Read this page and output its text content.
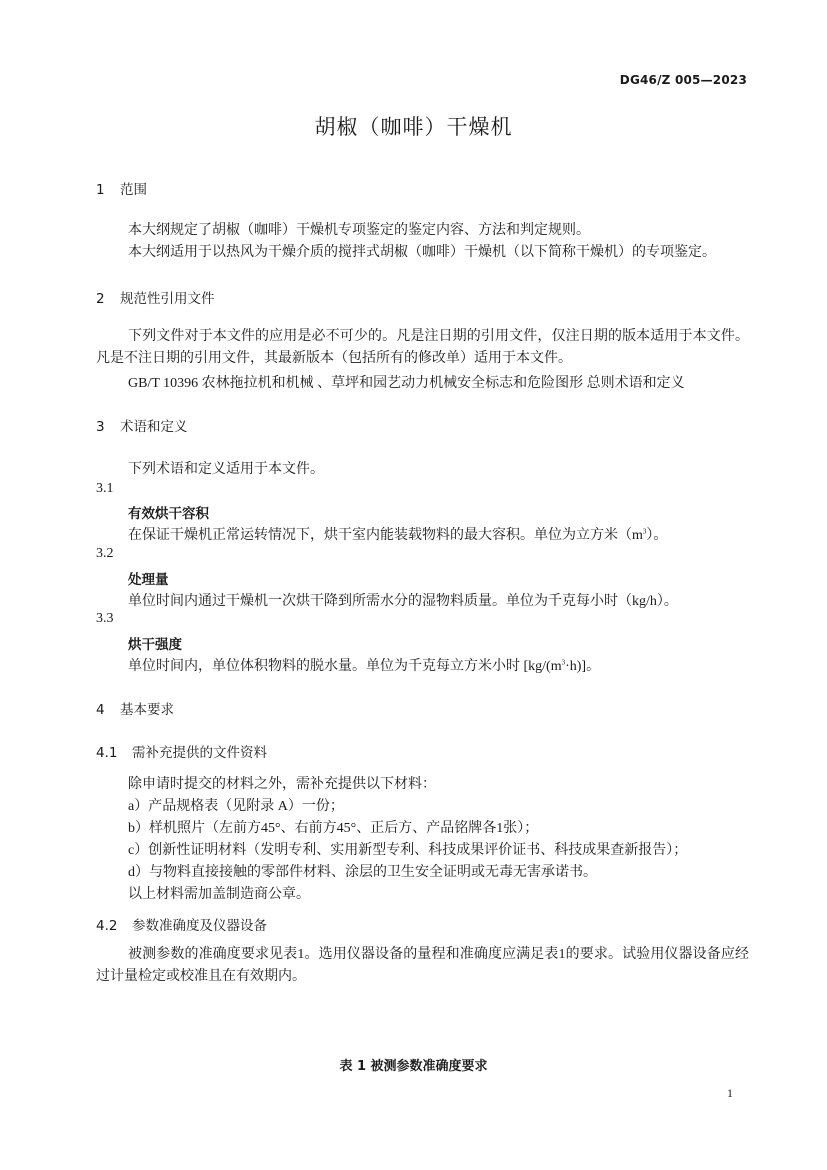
DG46/Z 005—2023
胡椒（咖啡）干燥机
1 范围
本大纲规定了胡椒（咖啡）干燥机专项鉴定的鉴定内容、方法和判定规则。
本大纲适用于以热风为干燥介质的搅拌式胡椒（咖啡）干燥机（以下简称干燥机）的专项鉴定。
2 规范性引用文件
下列文件对于本文件的应用是必不可少的。凡是注日期的引用文件，仅注日期的版本适用于本文件。凡是不注日期的引用文件，其最新版本（包括所有的修改单）适用于本文件。
GB/T 10396 农林拖拉机和机械 、草坪和园艺动力机械安全标志和危险图形 总则术语和定义
3 术语和定义
下列术语和定义适用于本文件。
3.1
有效烘干容积
在保证干燥机正常运转情况下，烘干室内能装载物料的最大容积。单位为立方米$(m^3)$。
3.2
处理量
单位时间内通过干燥机一次烘干降到所需水分的湿物料质量。单位为千克每小时（kg/h）。
3.3
烘干强度
单位时间内，单位体积物料的脱水量。单位为千克每立方米小时 $[kg/(m^3\cdot h)]$。
4 基本要求
4.1 需补充提供的文件资料
除申请时提交的材料之外，需补充提供以下材料：
a）产品规格表（见附录 A）一份；
b）样机照片（左前方45°、右前方45°、正后方、产品铭牌各1张）；
c）创新性证明材料（发明专利、实用新型专利、科技成果评价证书、科技成果查新报告）；
d）与物料直接接触的零部件材料、涂层的卫生安全证明或无毒无害承诺书。
以上材料需加盖制造商公章。
4.2 参数准确度及仪器设备
被测参数的准确度要求见表1。选用仪器设备的量程和准确度应满足表1的要求。试验用仪器设备应经过计量检定或校准且在有效期内。
表 1 被测参数准确度要求
1
